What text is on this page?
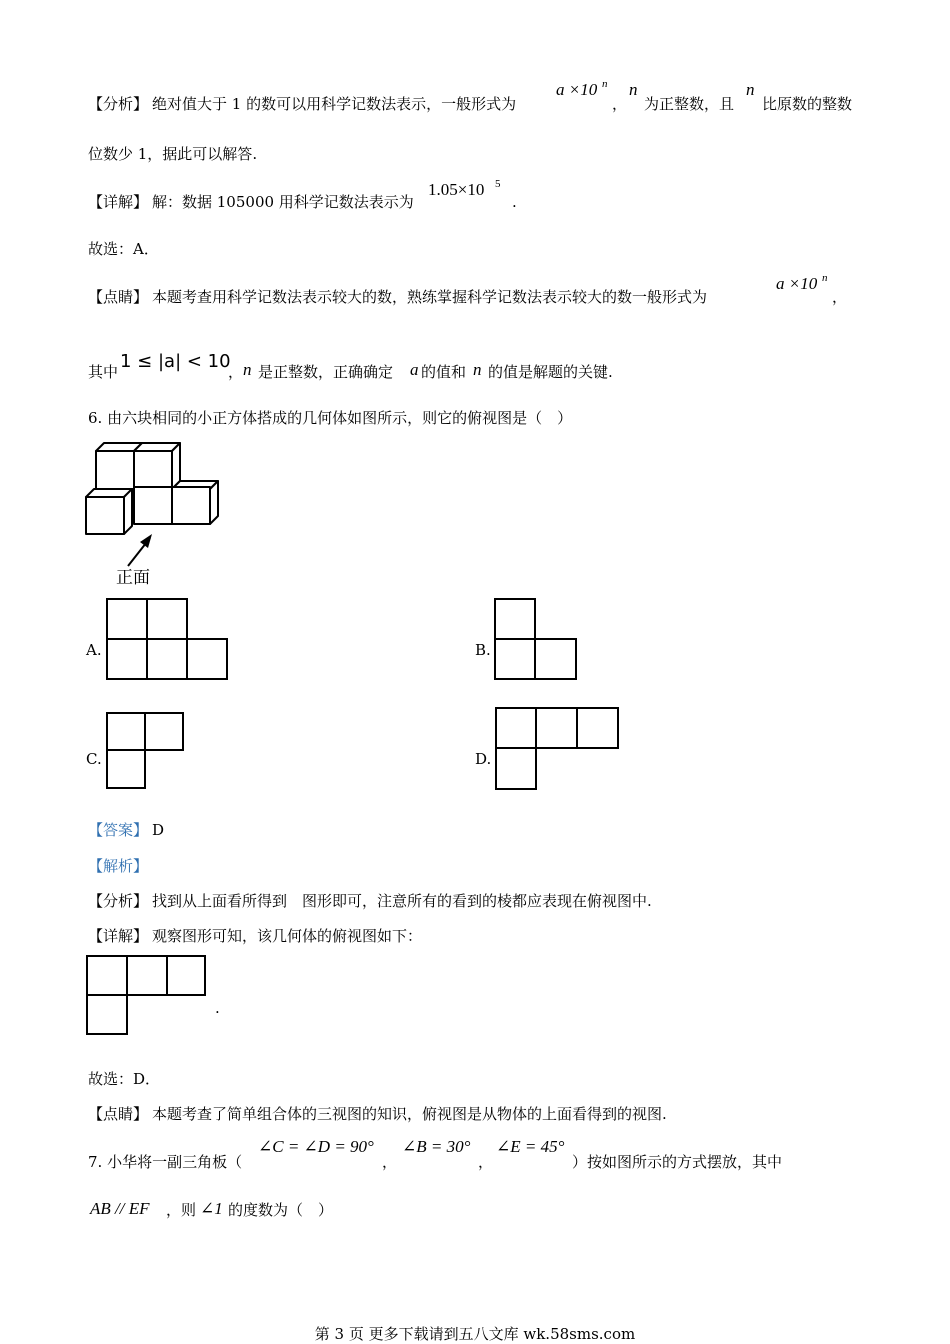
【分析】 绝对值大于 1 的数可以用科学记数法表示，一般形式为
a ×10 n
，
n
为正整数，且
n
比原数的整数
位数少 1，据此可以解答.
【详解】 解：数据 105000 用科学记数法表示为
1.05×10 5
.
故选：A．
【点睛】 本题考查用科学记数法表示较大的数，熟练掌握科学记数法表示较大的数一般形式为
a ×10 n
，
其中 1 ≤ |a| < 10
， n 是正整数，正确确定 a 的值和 n 的值是解题的关键.
6. 由六块相同的小正方体搭成的几何体如图所示，则它的俯视图是（　）
正面
A.	B.
C.	D.
【答案】 D
【解析】
【分析】 找到从上面看所得到　图形即可，注意所有的看到的棱都应表现在俯视图中.
【详解】 观察图形可知，该几何体的俯视图如下：
.
故选：D．
【点睛】 本题考查了简单组合体的三视图的知识，俯视图是从物体的上面看得到的视图.
7. 小华将一副三角板（
∠C = ∠D = 90°
，
∠B = 30°
，
∠E = 45°
）按如图所示的方式摆放，其中
AB // EF ，则 ∠1 的度数为（　）
第 3 页 更多下载请到五八文库 wk.58sms.com
